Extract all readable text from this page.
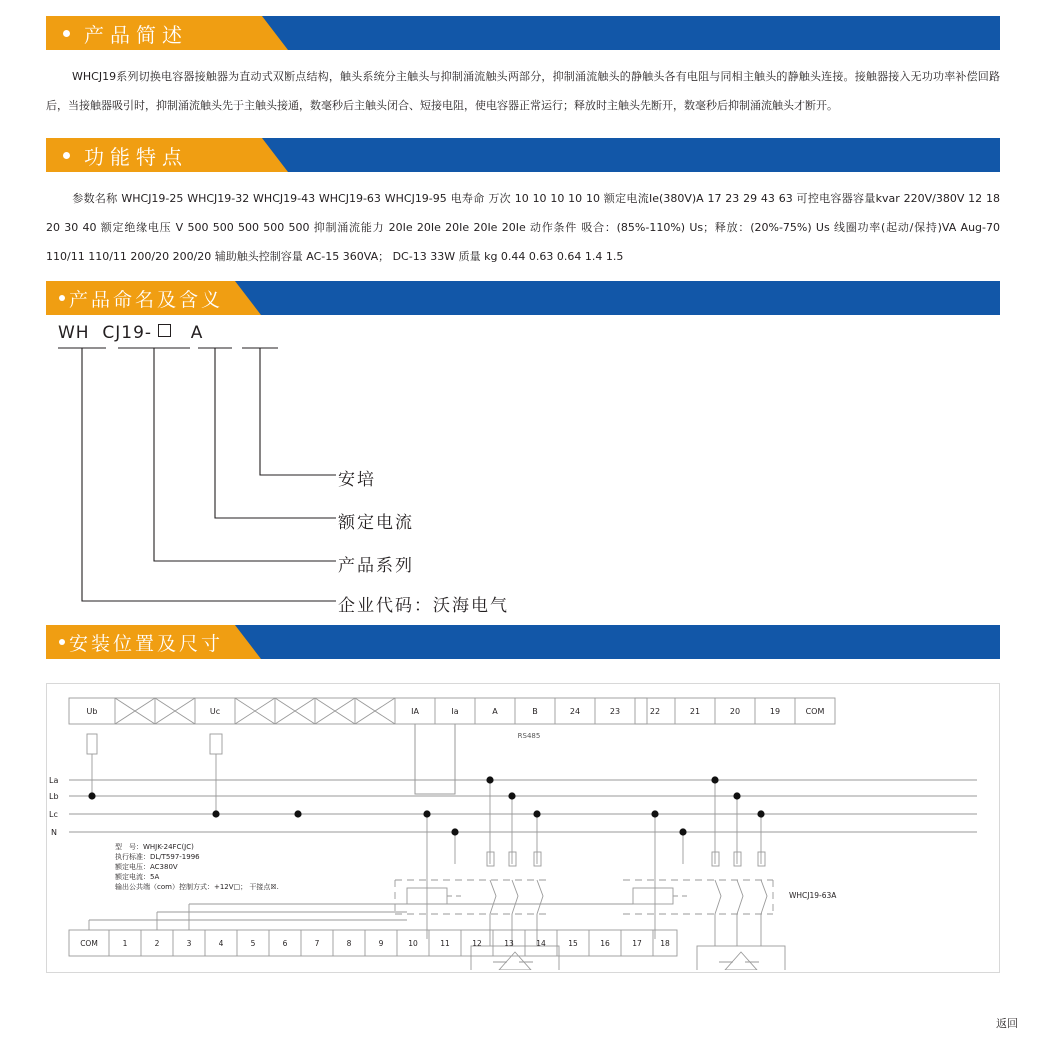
产品简述
WHCJ19系列切换电容器接触器为直动式双断点结构，触头系统分主触头与抑制涌流触头两部分，抑制涌流触头的静触头各有电阻与同相主触头的静触头连接。接触器接入无功功率补偿回路后，当接触器吸引时，抑制涌流触头先于主触头接通，数毫秒后主触头闭合、短接电阻，使电容器正常运行；释放时主触头先断开，数毫秒后抑制涌流触头才断开。
功能特点
参数名称 WHCJ19-25 WHCJ19-32 WHCJ19-43 WHCJ19-63 WHCJ19-95 电寿命 万次 10 10 10 10 10 额定电流Ie(380V)A 17 23 29 43 63 可控电容器容量kvar 220V/380V 12 18 20 30 40 额定绝缘电压 V 500 500 500 500 500 抑制涌流能力 20Ie 20Ie 20Ie 20Ie 20Ie 动作条件 吸合：(85%-110%) Us；释放：(20%-75%) Us 线圈功率(起动/保持)VA Aug-70 110/11 110/11 200/20 200/20 辅助触头控制容量 AC-15 360VA； DC-13 33W 质量 kg 0.44 0.63 0.64 1.4 1.5
产品命名及含义
WH CJ19- A
安培
额定电流
产品系列
企业代码：沃海电气
安装位置及尺寸
Ub	Uc	IA	Ia	A	B	24	23	22	21	20	19	COM
RS485
La
Lb
Lc
N
WHCJ19-63A
型　号：WHJK-24FC(JC)
执行标准：DL/T597-1996
额定电压：AC380V
额定电流：5A
输出公共端（com）控制方式：+12V□； 干接点☒.
COM	1	2	3	4	5	6	7	8	9	10	11	12	13	14	15	16	17 18
返回
